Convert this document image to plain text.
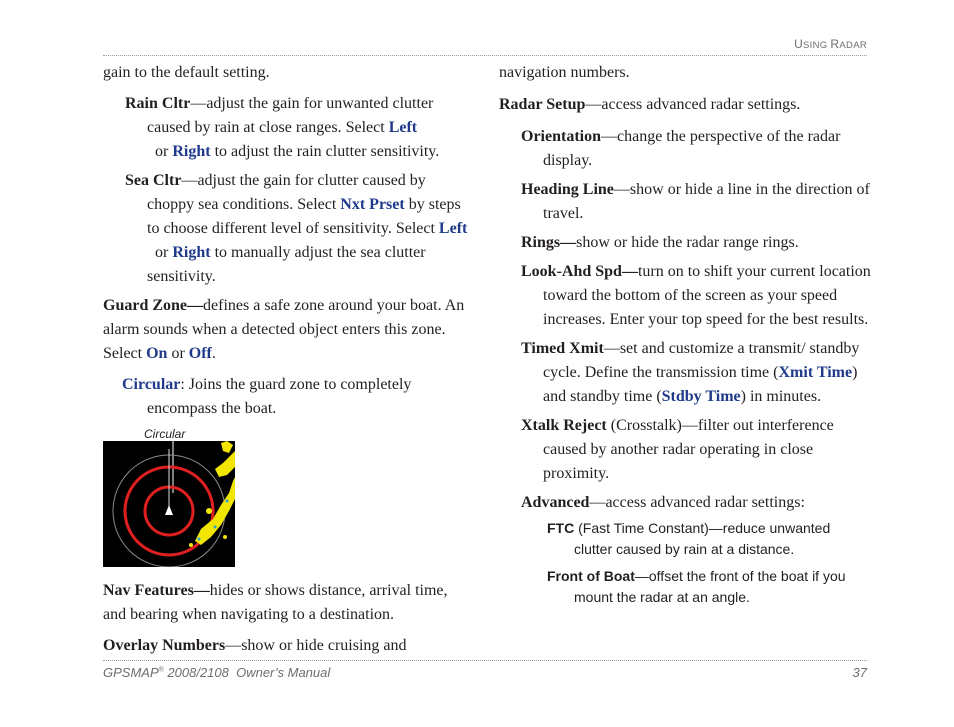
USING RADAR

gain to the default setting.

Rain Cltr—adjust the gain for unwanted clutter caused by rain at close ranges. Select Left  or Right to adjust the rain clutter sensitivity.

Sea Cltr—adjust the gain for clutter caused by choppy sea conditions. Select Nxt Prset by steps to choose different level of sensitivity. Select Left  or Right to manually adjust the sea clutter sensitivity.

Guard Zone—defines a safe zone around your boat. An alarm sounds when a detected object enters this zone. Select On or Off.

Circular: Joins the guard zone to completely encompass the boat.

Circular

Nav Features—hides or shows distance, arrival time, and bearing when navigating to a destination.

Overlay Numbers—show or hide cruising and

navigation numbers.

Radar Setup—access advanced radar settings.

Orientation—change the perspective of the radar display.

Heading Line—show or hide a line in the direction of travel.

Rings—show or hide the radar range rings.

Look-Ahd Spd—turn on to shift your current location toward the bottom of the screen as your speed increases. Enter your top speed for the best results.

Timed Xmit—set and customize a transmit/ standby cycle. Define the transmission time (Xmit Time) and standby time (Stdby Time) in minutes.

Xtalk Reject (Crosstalk)—filter out interference caused by another radar operating in close proximity.

Advanced—access advanced radar settings:

FTC (Fast Time Constant)—reduce unwanted clutter caused by rain at a distance.

Front of Boat—offset the front of the boat if you mount the radar at an angle.

GPSMAP® 2008/2108  Owner’s Manual	37
